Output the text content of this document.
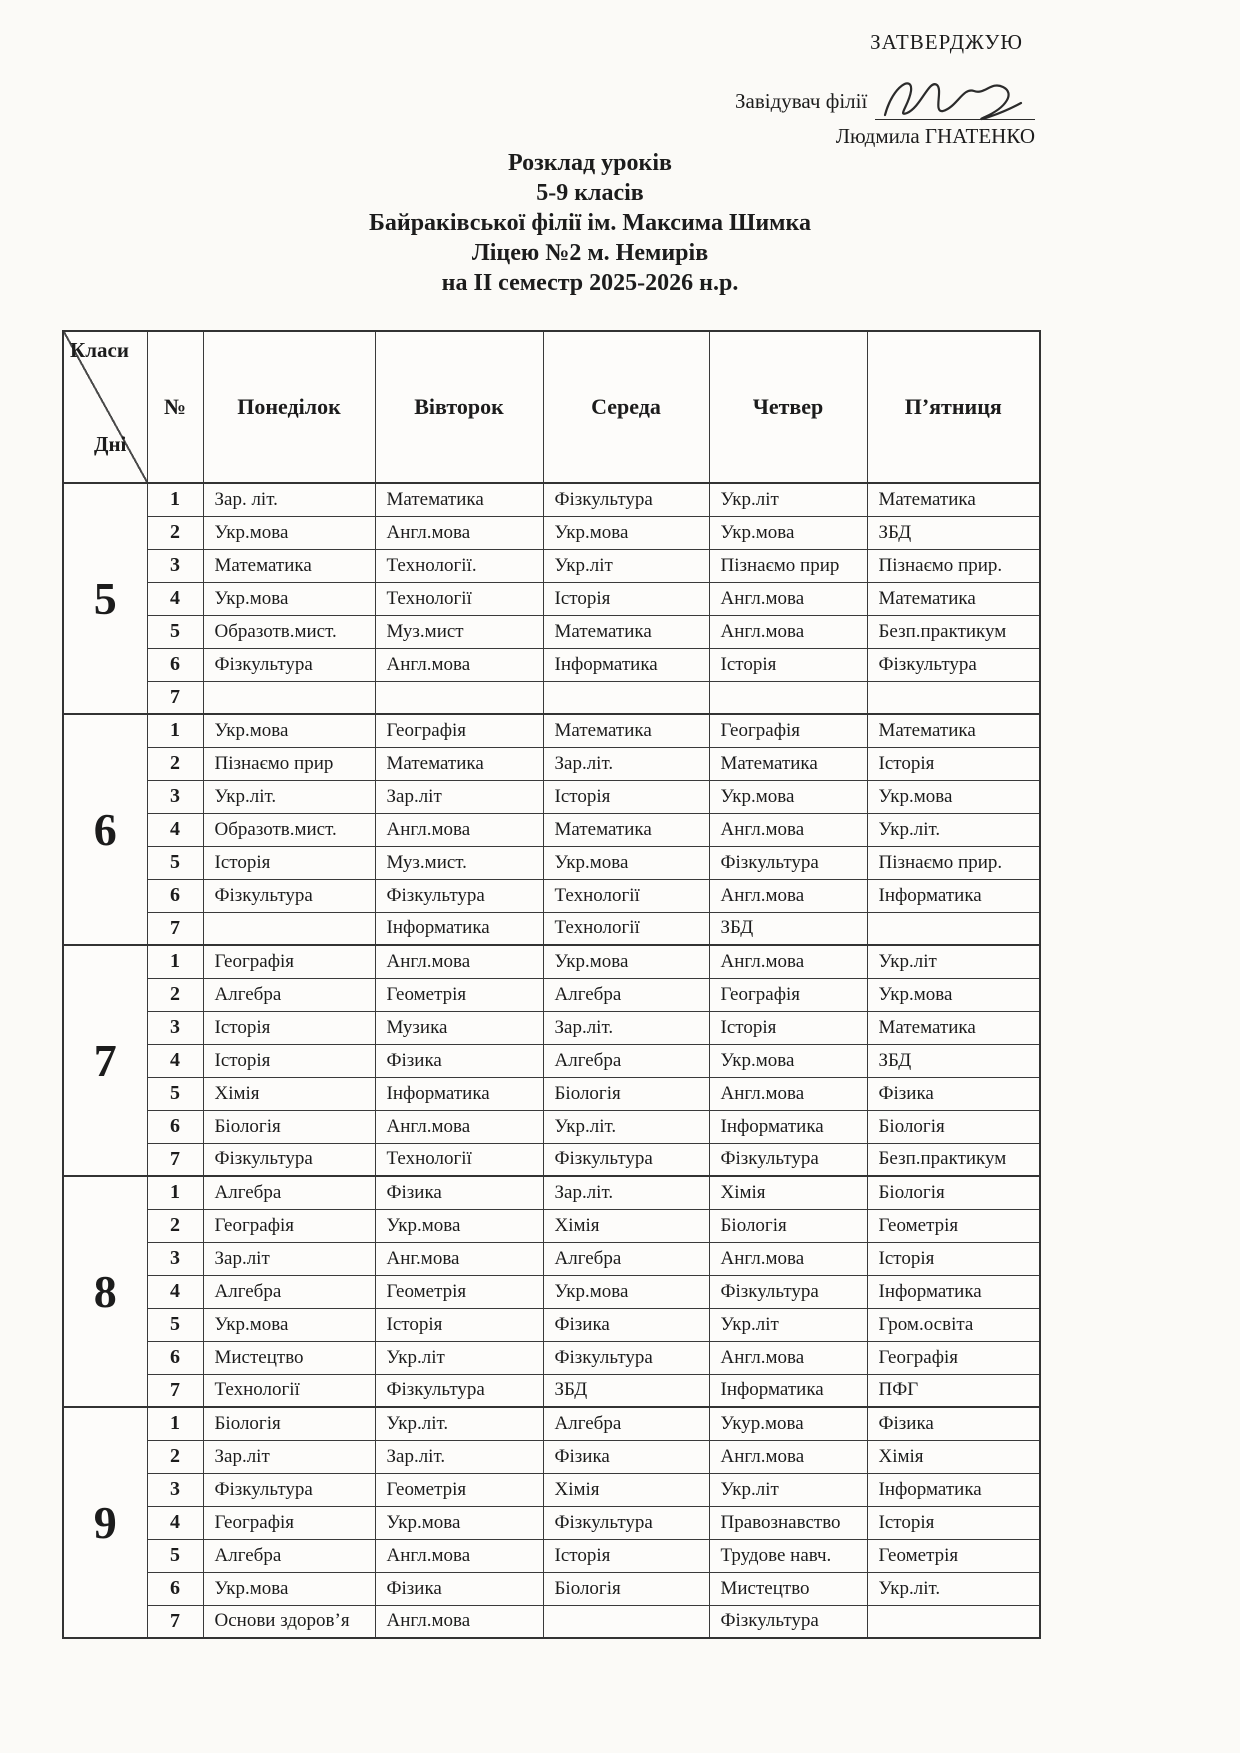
ЗАТВЕРДЖУЮ
Завідувач філії
Людмила ГНАТЕНКО
Розклад уроків
5-9 класів
Байраківської філії ім. Максима Шимка
Ліцею №2 м. Немирів
на ІІ семестр 2025-2026 н.р.
Класи
Дні	№	Понеділок	Вівторок	Середа	Четвер	П’ятниця
5	1	Зар. літ.	Математика	Фізкультура	Укр.літ	Математика
	2	Укр.мова	Англ.мова	Укр.мова	Укр.мова	ЗБД
	3	Математика	Технології.	Укр.літ	Пізнаємо прир	Пізнаємо прир.
	4	Укр.мова	Технології	Історія	Англ.мова	Математика
	5	Образотв.мист.	Муз.мист	Математика	Англ.мова	Безп.практикум
	6	Фізкультура	Англ.мова	Інформатика	Історія	Фізкультура
	7					
6	1	Укр.мова	Географія	Математика	Географія	Математика
	2	Пізнаємо прир	Математика	Зар.літ.	Математика	Історія
	3	Укр.літ.	Зар.літ	Історія	Укр.мова	Укр.мова
	4	Образотв.мист.	Англ.мова	Математика	Англ.мова	Укр.літ.
	5	Історія	Муз.мист.	Укр.мова	Фізкультура	Пізнаємо прир.
	6	Фізкультура	Фізкультура	Технології	Англ.мова	Інформатика
	7		Інформатика	Технології	ЗБД	
7	1	Географія	Англ.мова	Укр.мова	Англ.мова	Укр.літ
	2	Алгебра	Геометрія	Алгебра	Географія	Укр.мова
	3	Історія	Музика	Зар.літ.	Історія	Математика
	4	Історія	Фізика	Алгебра	Укр.мова	ЗБД
	5	Хімія	Інформатика	Біологія	Англ.мова	Фізика
	6	Біологія	Англ.мова	Укр.літ.	Інформатика	Біологія
	7	Фізкультура	Технології	Фізкультура	Фізкультура	Безп.практикум
8	1	Алгебра	Фізика	Зар.літ.	Хімія	Біологія
	2	Географія	Укр.мова	Хімія	Біологія	Геометрія
	3	Зар.літ	Анг.мова	Алгебра	Англ.мова	Історія
	4	Алгебра	Геометрія	Укр.мова	Фізкультура	Інформатика
	5	Укр.мова	Історія	Фізика	Укр.літ	Гром.освіта
	6	Мистецтво	Укр.літ	Фізкультура	Англ.мова	Географія
	7	Технології	Фізкультура	ЗБД	Інформатика	ПФГ
9	1	Біологія	Укр.літ.	Алгебра	Укур.мова	Фізика
	2	Зар.літ	Зар.літ.	Фізика	Англ.мова	Хімія
	3	Фізкультура	Геометрія	Хімія	Укр.літ	Інформатика
	4	Географія	Укр.мова	Фізкультура	Правознавство	Історія
	5	Алгебра	Англ.мова	Історія	Трудове навч.	Геометрія
	6	Укр.мова	Фізика	Біологія	Мистецтво	Укр.літ.
	7	Основи здоров’я	Англ.мова		Фізкультура	
